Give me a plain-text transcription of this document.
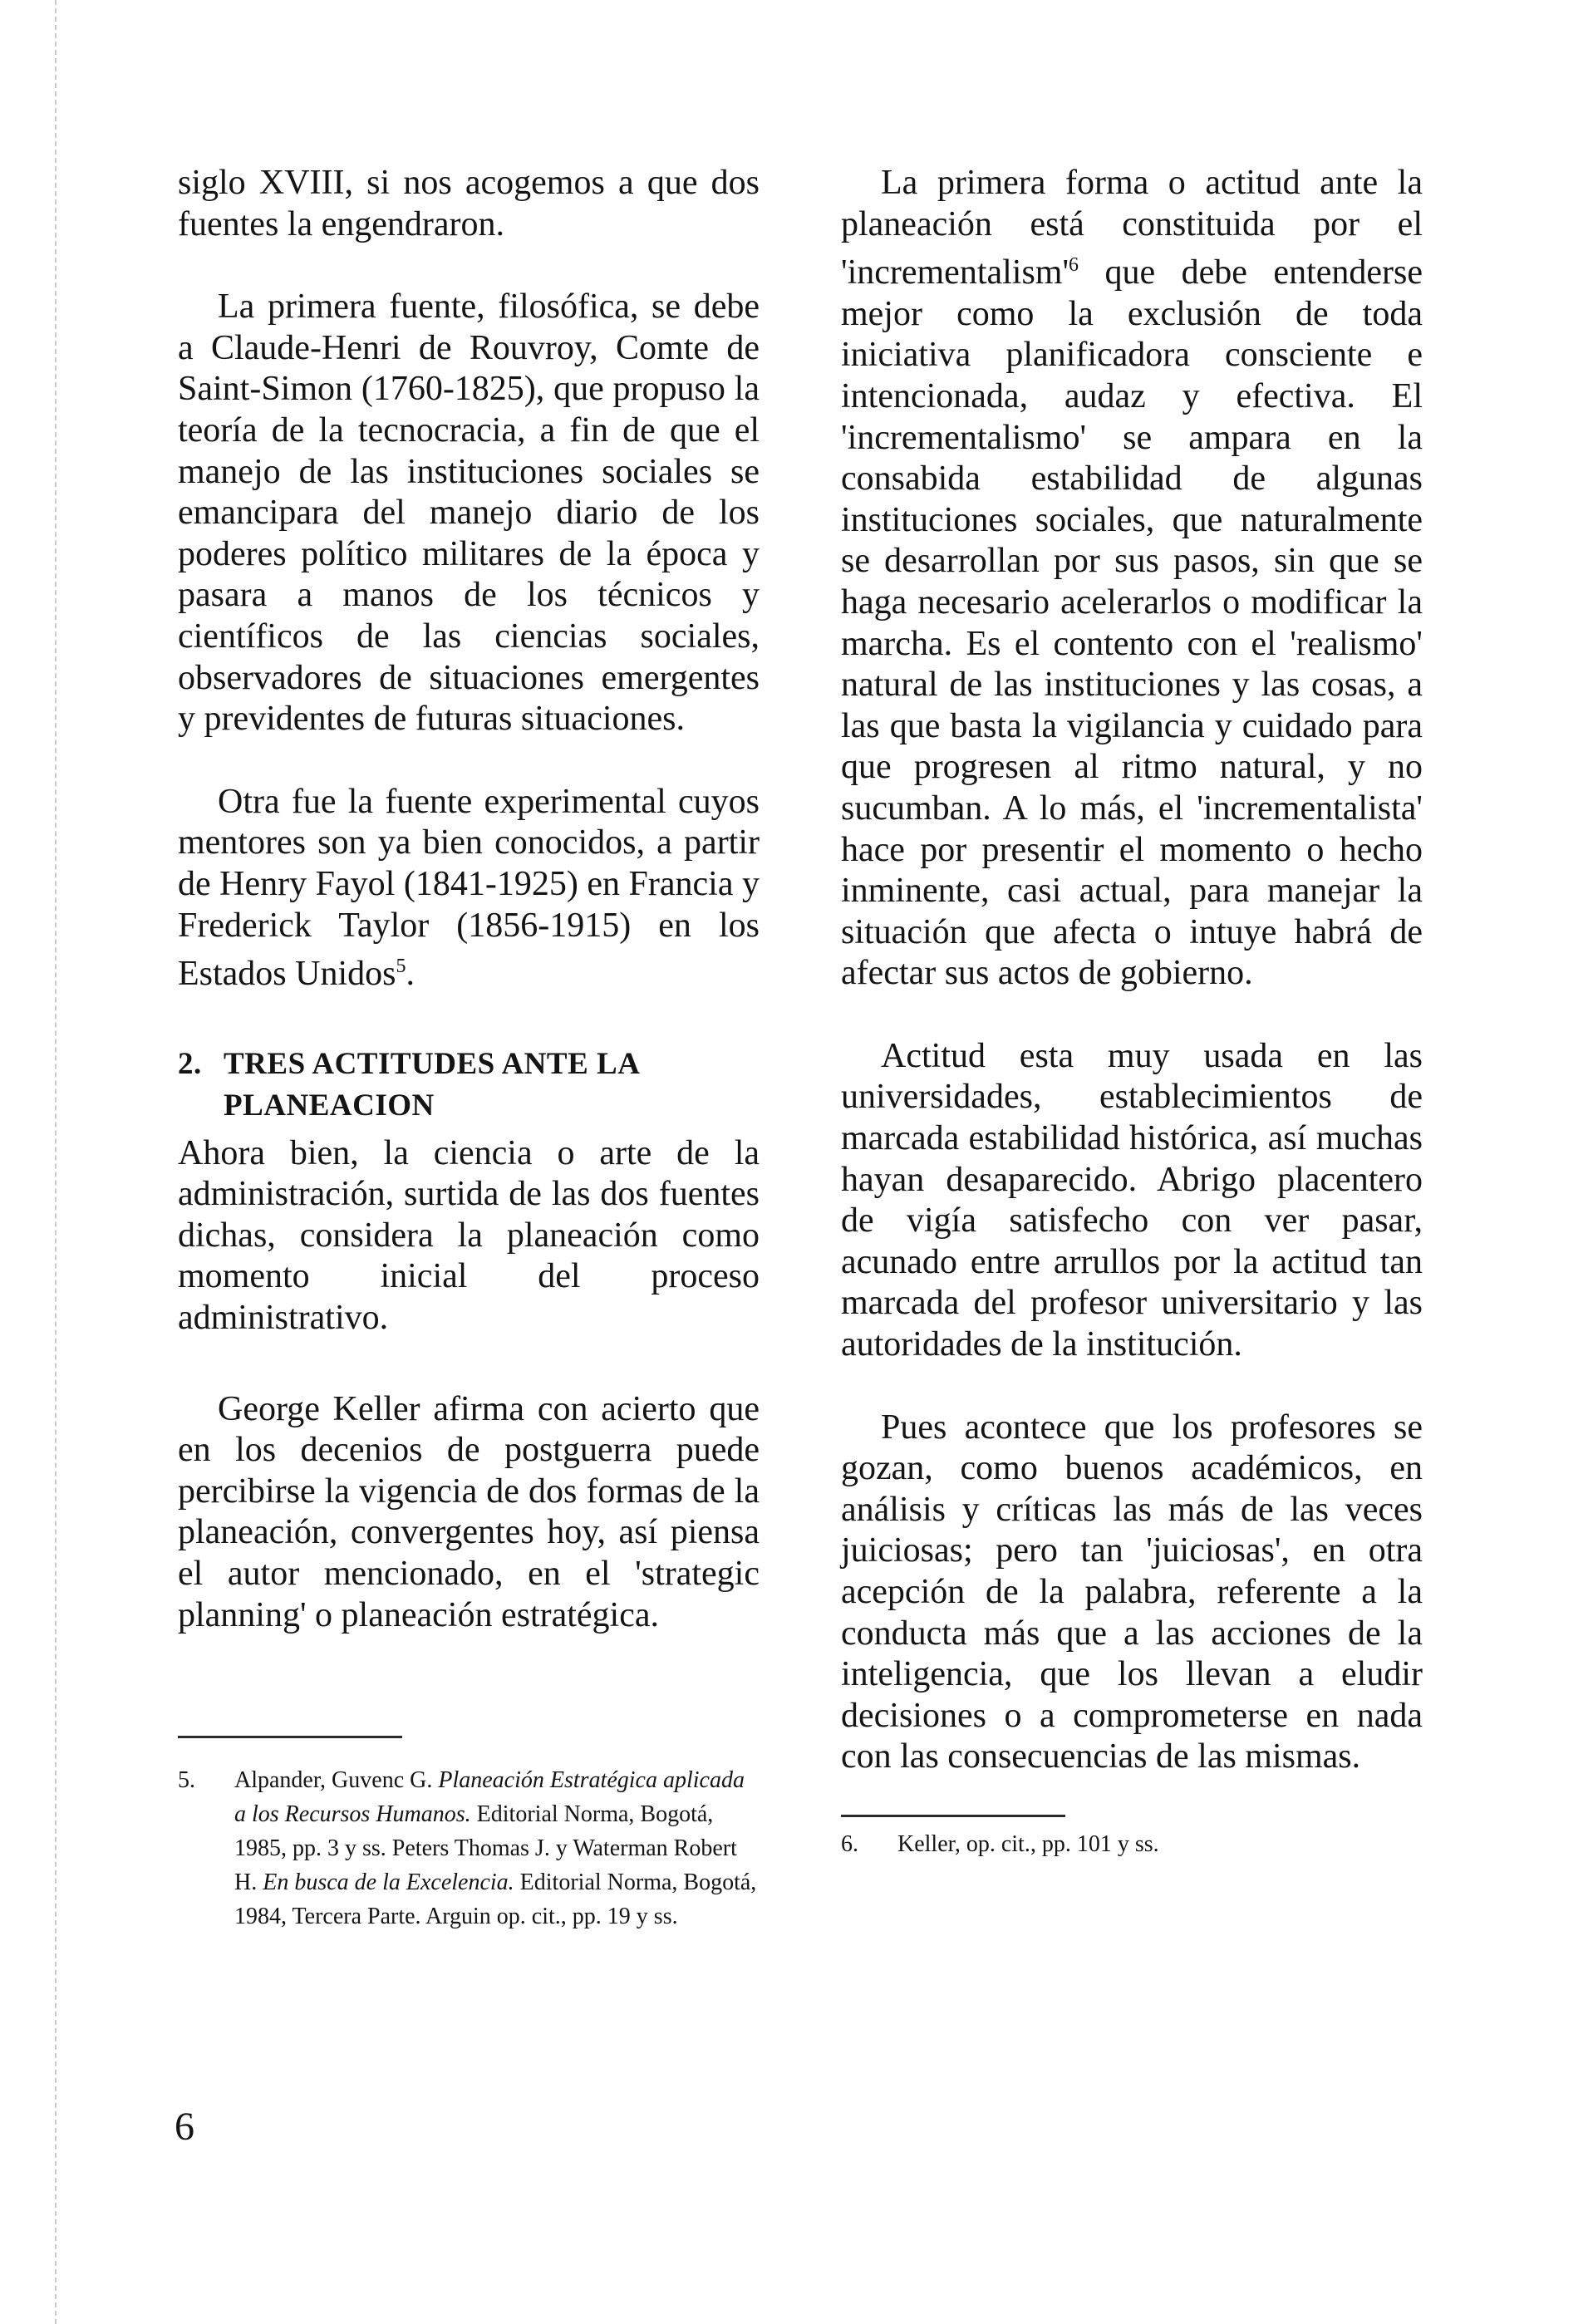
siglo XVIII, si nos acogemos a que dos fuentes la engendraron.

La primera fuente, filosófica, se debe a Claude-Henri de Rouvroy, Comte de Saint-Simon (1760-1825), que propuso la teoría de la tecnocracia, a fin de que el manejo de las instituciones sociales se emancipara del manejo diario de los poderes político militares de la época y pasara a manos de los técnicos y científicos de las ciencias sociales, observadores de situaciones emergentes y previdentes de futuras situaciones.

Otra fue la fuente experimental cuyos mentores son ya bien conocidos, a partir de Henry Fayol (1841-1925) en Francia y Frederick Taylor (1856-1915) en los Estados Unidos$^5$.

2. TRES ACTITUDES ANTE LA PLANEACION

Ahora bien, la ciencia o arte de la administración, surtida de las dos fuentes dichas, considera la planeación como momento inicial del proceso administrativo.

George Keller afirma con acierto que en los decenios de postguerra puede percibirse la vigencia de dos formas de la planeación, convergentes hoy, así piensa el autor mencionado, en el 'strategic planning' o planeación estratégica.

5.	Alpander, Guvenc G. Planeación Estratégica aplicada a los Recursos Humanos. Editorial Norma, Bogotá, 1985, pp. 3 y ss. Peters Thomas J. y Waterman Robert H. En busca de la Excelencia. Editorial Norma, Bogotá, 1984, Tercera Parte. Arguin op. cit., pp. 19 y ss.

La primera forma o actitud ante la planeación está constituida por el '$incrementalism'^6$ que debe entenderse mejor como la exclusión de toda iniciativa planificadora consciente e intencionada, audaz y efectiva. El 'incrementalismo' se ampara en la consabida estabilidad de algunas instituciones sociales, que naturalmente se desarrollan por sus pasos, sin que se haga necesario acelerarlos o modificar la marcha. Es el contento con el 'realismo' natural de las instituciones y las cosas, a las que basta la vigilancia y cuidado para que progresen al ritmo natural, y no sucumban. A lo más, el 'incrementalista' hace por presentir el momento o hecho inminente, casi actual, para manejar la situación que afecta o intuye habrá de afectar sus actos de gobierno.

Actitud esta muy usada en las universidades, establecimientos de marcada estabilidad histórica, así muchas hayan desaparecido. Abrigo placentero de vigía satisfecho con ver pasar, acunado entre arrullos por la actitud tan marcada del profesor universitario y las autoridades de la institución.

Pues acontece que los profesores se gozan, como buenos académicos, en análisis y críticas las más de las veces juiciosas; pero tan 'juiciosas', en otra acepción de la palabra, referente a la conducta más que a las acciones de la inteligencia, que los llevan a eludir decisiones o a comprometerse en nada con las consecuencias de las mismas.

6.	Keller, op. cit., pp. 101 y ss.

6
